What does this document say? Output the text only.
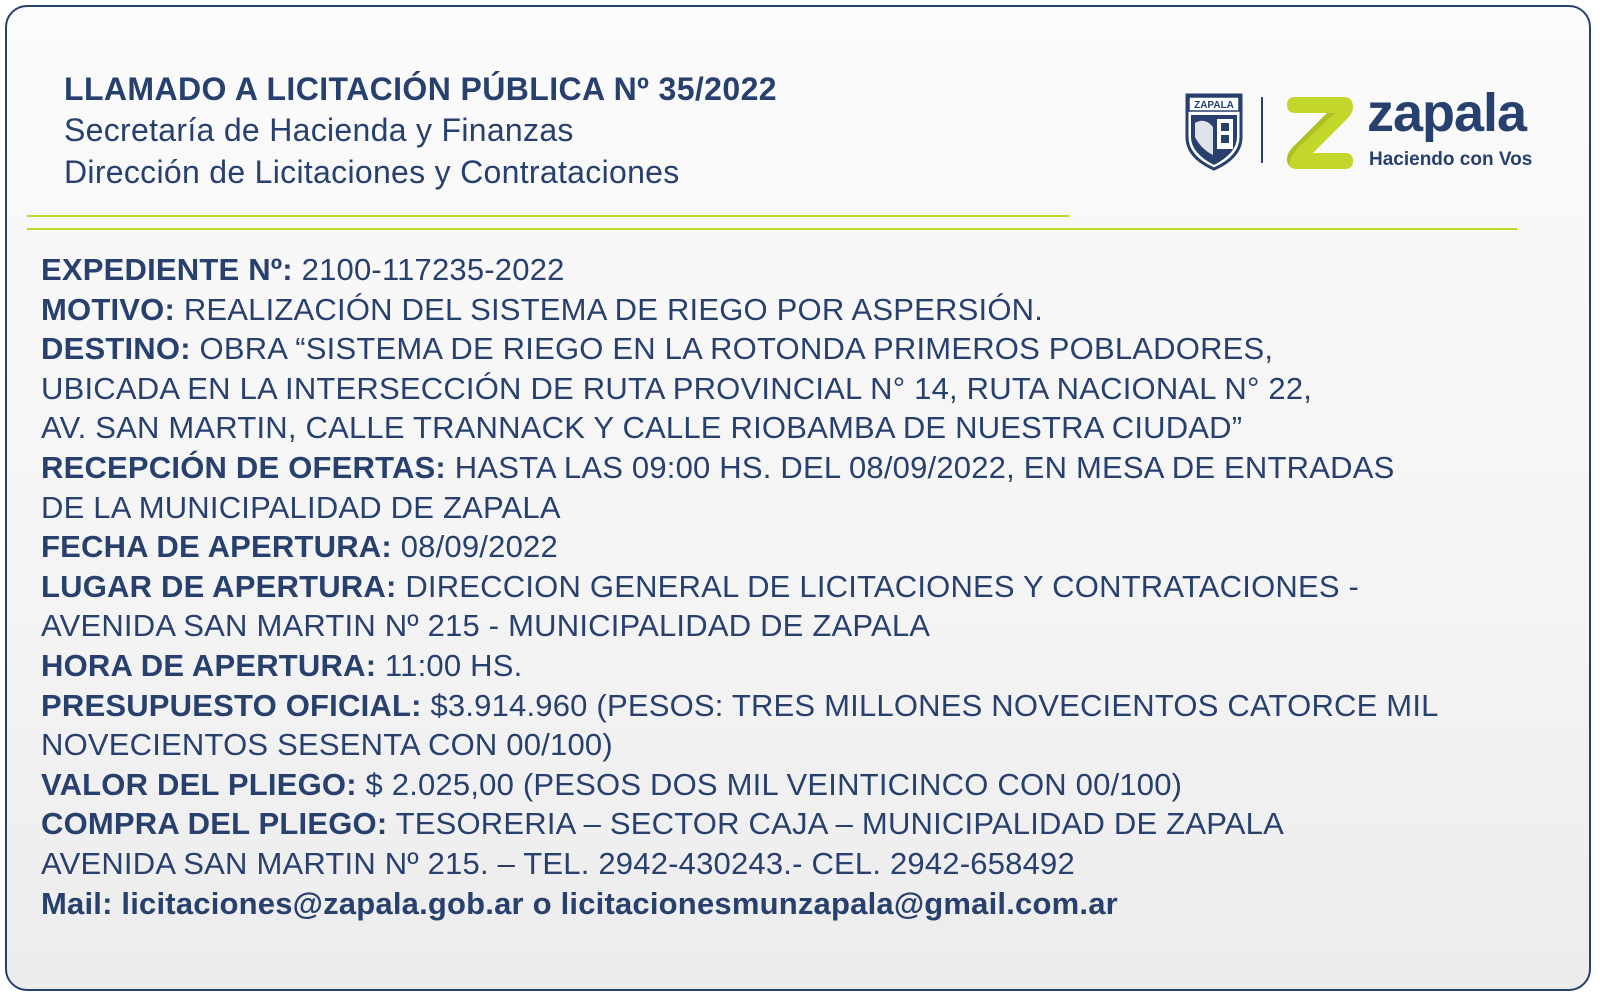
LLAMADO A LICITACIÓN PÚBLICA Nº 35/2022
Secretaría de Hacienda y Finanzas
Dirección de Licitaciones y Contrataciones
ZAPALA zapala
Haciendo con Vos
EXPEDIENTE Nº: 2100-117235-2022
MOTIVO: REALIZACIÓN DEL SISTEMA DE RIEGO POR ASPERSIÓN.
DESTINO: OBRA “SISTEMA DE RIEGO EN LA ROTONDA PRIMEROS POBLADORES,
UBICADA EN LA INTERSECCIÓN DE RUTA PROVINCIAL N° 14, RUTA NACIONAL N° 22,
AV. SAN MARTIN, CALLE TRANNACK Y CALLE RIOBAMBA DE NUESTRA CIUDAD”
RECEPCIÓN DE OFERTAS: HASTA LAS 09:00 HS. DEL 08/09/2022, EN MESA DE ENTRADAS
DE LA MUNICIPALIDAD DE ZAPALA
FECHA DE APERTURA: 08/09/2022
LUGAR DE APERTURA: DIRECCION GENERAL DE LICITACIONES Y CONTRATACIONES -
AVENIDA SAN MARTIN Nº 215 - MUNICIPALIDAD DE ZAPALA
HORA DE APERTURA: 11:00 HS.
PRESUPUESTO OFICIAL: $3.914.960 (PESOS: TRES MILLONES NOVECIENTOS CATORCE MIL
NOVECIENTOS SESENTA CON 00/100)
VALOR DEL PLIEGO: $ 2.025,00 (PESOS DOS MIL VEINTICINCO CON 00/100)
COMPRA DEL PLIEGO: TESORERIA – SECTOR CAJA – MUNICIPALIDAD DE ZAPALA
AVENIDA SAN MARTIN Nº 215. – TEL. 2942-430243.- CEL. 2942-658492
Mail: licitaciones@zapala.gob.ar o licitacionesmunzapala@gmail.com.ar
